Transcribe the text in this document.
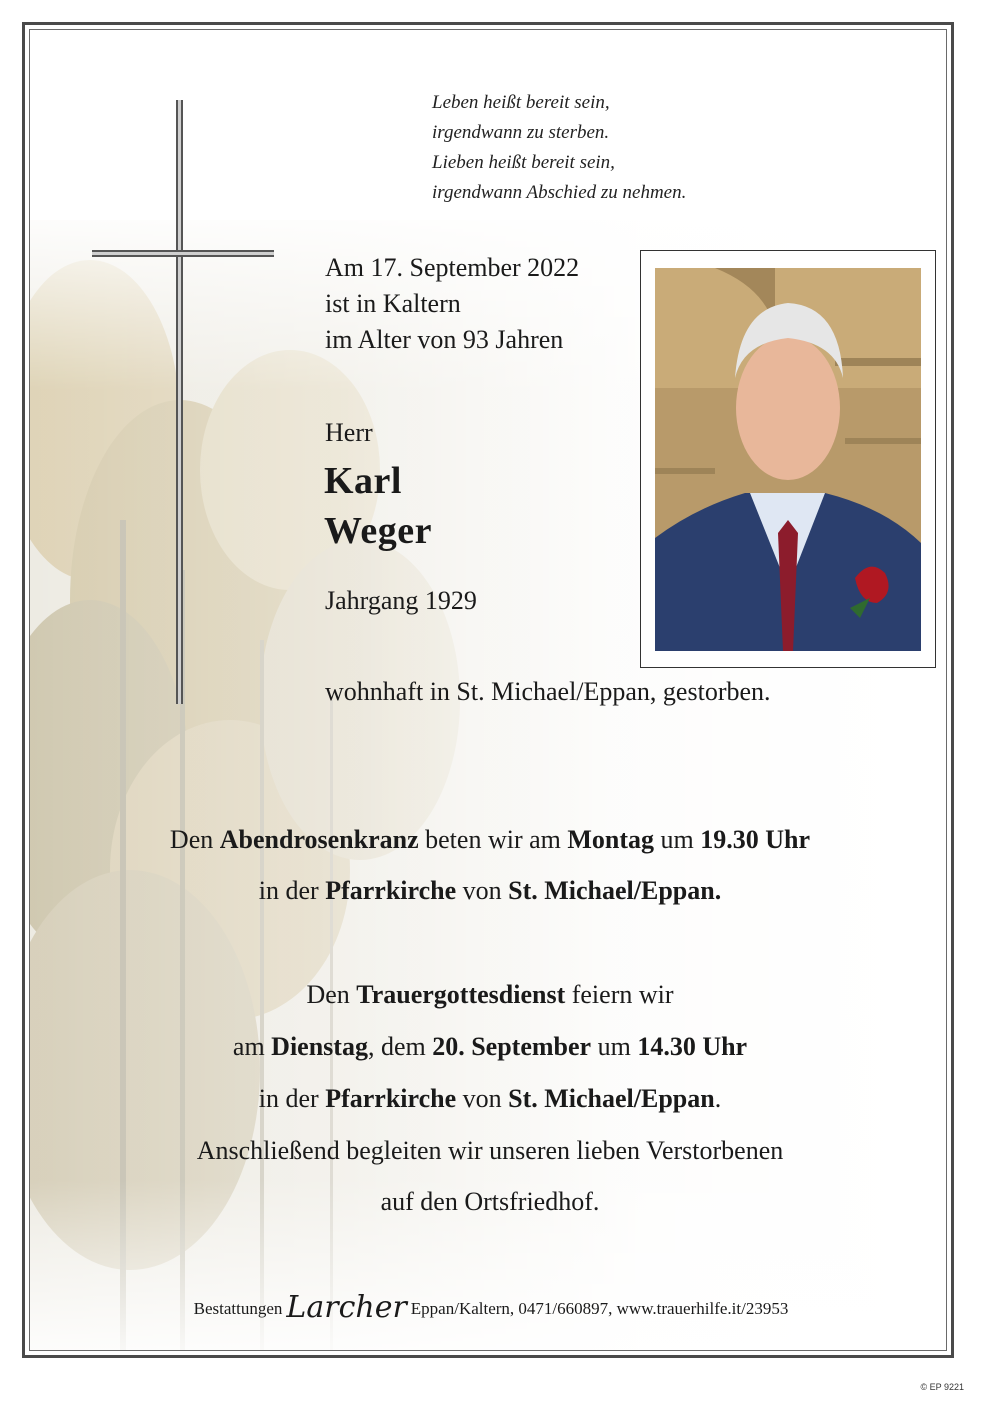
Leben heißt bereit sein,
irgendwann zu sterben.
Lieben heißt bereit sein,
irgendwann Abschied zu nehmen.
Am 17. September 2022
ist in Kaltern
im Alter von 93 Jahren
Herr
Karl
Weger
Jahrgang 1929
wohnhaft in St. Michael/Eppan, gestorben.
Den Abendrosenkranz beten wir am Montag um 19.30 Uhr
in der Pfarrkirche von St. Michael/Eppan.
Den Trauergottesdienst feiern wir
am Dienstag, dem 20. September um 14.30 Uhr
in der Pfarrkirche von St. Michael/Eppan.
Anschließend begleiten wir unseren lieben Verstorbenen
auf den Ortsfriedhof.
Bestattungen Larcher Eppan/Kaltern, 0471/660897, www.trauerhilfe.it/23953
© EP 9221
